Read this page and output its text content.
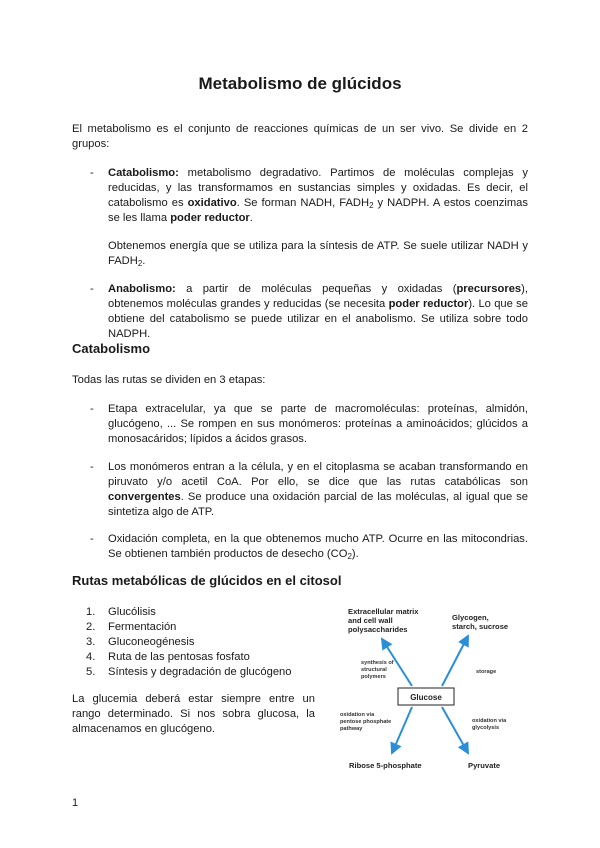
Metabolismo de glúcidos

El metabolismo es el conjunto de reacciones químicas de un ser vivo. Se divide en 2 grupos:

- Catabolismo: metabolismo degradativo. Partimos de moléculas complejas y reducidas, y las transformamos en sustancias simples y oxidadas. Es decir, el catabolismo es oxidativo. Se forman NADH, $FADH_2$ y NADPH. A estos coenzimas se les llama poder reductor.

Obtenemos energía que se utiliza para la síntesis de ATP. Se suele utilizar NADH y $FADH_2$.

- Anabolismo: a partir de moléculas pequeñas y oxidadas (precursores), obtenemos moléculas grandes y reducidas (se necesita poder reductor). Lo que se obtiene del catabolismo se puede utilizar en el anabolismo. Se utiliza sobre todo NADPH.

Catabolismo

Todas las rutas se dividen en 3 etapas:

- Etapa extracelular, ya que se parte de macromoléculas: proteínas, almidón, glucógeno, ... Se rompen en sus monómeros: proteínas a aminoácidos; glúcidos a monosacáridos; lípidos a ácidos grasos.

- Los monómeros entran a la célula, y en el citoplasma se acaban transformando en piruvato y/o acetil CoA. Por ello, se dice que las rutas catabólicas son convergentes. Se produce una oxidación parcial de las moléculas, al igual que se sintetiza algo de ATP.

- Oxidación completa, en la que obtenemos mucho ATP. Ocurre en las mitocondrias. Se obtienen también productos de desecho $(CO_2)$.

Rutas metabólicas de glúcidos en el citosol
1.	Glucólisis
2.	Fermentación
3.	Gluconeogénesis
4.	Ruta de las pentosas fosfato
5.	Síntesis y degradación de glucógeno

La glucemia deberá estar siempre entre un rango determinado. Si nos sobra glucosa, la almacenamos en glucógeno.

Extracellular matrix
and cell wall
polysaccharides
Glycogen,
starch, sucrose
Ribose 5-phosphate	Pyruvate
synthesis of
structural
polymers
storage
oxidation via
pentose phosphate
pathway
oxidation via
glycolysis
Glucose
1
